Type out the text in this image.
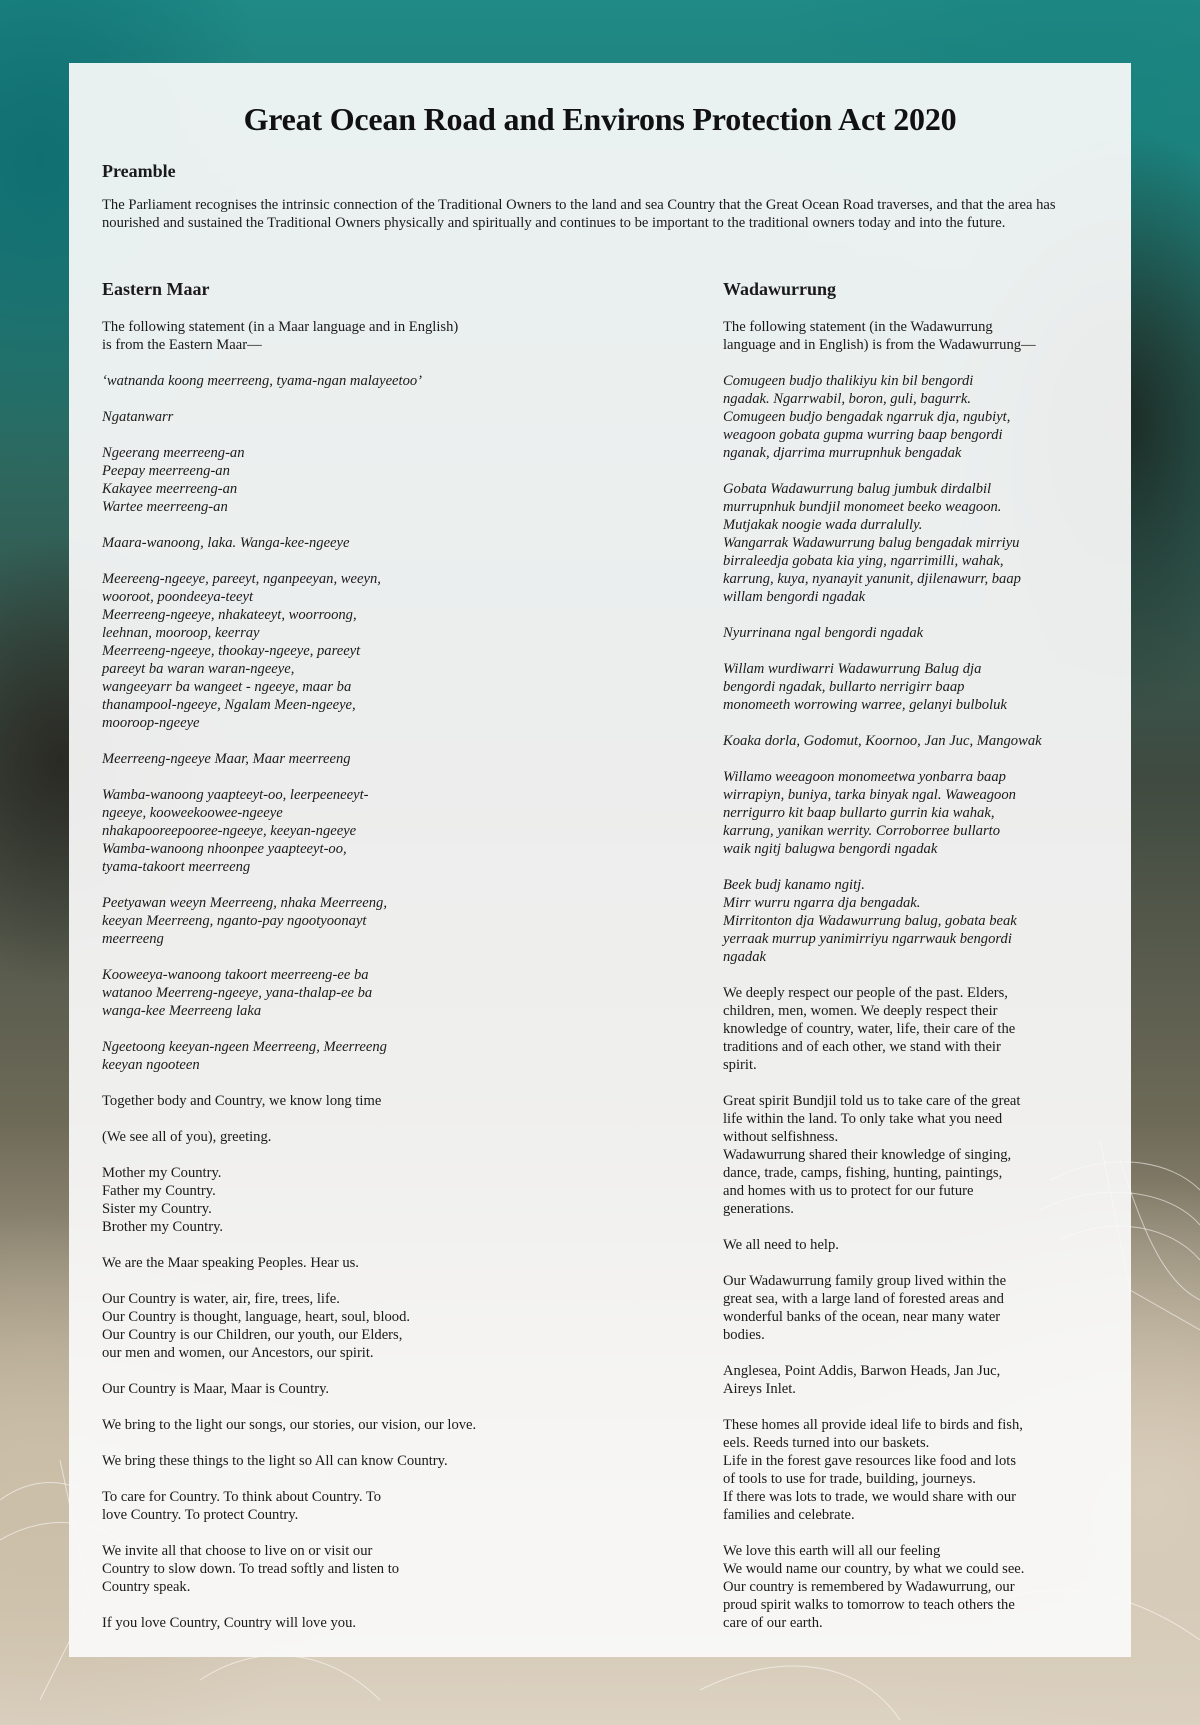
Great Ocean Road and Environs Protection Act 2020
Preamble
The Parliament recognises the intrinsic connection of the Traditional Owners to the land and sea Country that the Great Ocean Road traverses, and that the area has nourished and sustained the Traditional Owners physically and spiritually and continues to be important to the traditional owners today and into the future.
Eastern Maar

The following statement (in a Maar language and in English)
is from the Eastern Maar—

‘watnanda koong meerreeng, tyama-ngan malayeetoo’

Ngatanwarr

Ngeerang meerreeng-an
Peepay meerreeng-an
Kakayee meerreeng-an
Wartee meerreeng-an

Maara-wanoong, laka. Wanga-kee-ngeeye

Meereeng-ngeeye, pareeyt, nganpeeyan, weeyn,
wooroot, poondeeya-teeyt
Meerreeng-ngeeye, nhakateeyt, woorroong,
leehnan, mooroop, keerray
Meerreeng-ngeeye, thookay-ngeeye, pareeyt
pareeyt ba waran waran-ngeeye,
wangeeyarr ba wangeet - ngeeye, maar ba
thanampool-ngeeye, Ngalam Meen-ngeeye,
mooroop-ngeeye

Meerreeng-ngeeye Maar, Maar meerreeng

Wamba-wanoong yaapteeyt-oo, leerpeeneeyt-
ngeeye, kooweekoowee-ngeeye
nhakapooreepooree-ngeeye, keeyan-ngeeye
Wamba-wanoong nhoonpee yaapteeyt-oo,
tyama-takoort meerreeng

Peetyawan weeyn Meerreeng, nhaka Meerreeng,
keeyan Meerreeng, nganto-pay ngootyoonayt
meerreeng

Kooweeya-wanoong takoort meerreeng-ee ba
watanoo Meerreng-ngeeye, yana-thalap-ee ba
wanga-kee Meerreeng laka

Ngeetoong keeyan-ngeen Meerreeng, Meerreeng
keeyan ngooteen

Together body and Country, we know long time

(We see all of you), greeting.

Mother my Country.
Father my Country.
Sister my Country.
Brother my Country.

We are the Maar speaking Peoples. Hear us.

Our Country is water, air, fire, trees, life.
Our Country is thought, language, heart, soul, blood.
Our Country is our Children, our youth, our Elders,
our men and women, our Ancestors, our spirit.

Our Country is Maar, Maar is Country.

We bring to the light our songs, our stories, our vision, our love.

We bring these things to the light so All can know Country.

To care for Country. To think about Country. To
love Country. To protect Country.

We invite all that choose to live on or visit our
Country to slow down. To tread softly and listen to
Country speak.

If you love Country, Country will love you.

Wadawurrung

The following statement (in the Wadawurrung
language and in English) is from the Wadawurrung—

Comugeen budjo thalikiyu kin bil bengordi
ngadak. Ngarrwabil, boron, guli, bagurrk.
Comugeen budjo bengadak ngarruk dja, ngubiyt,
weagoon gobata gupma wurring baap bengordi
nganak, djarrima murrupnhuk bengadak

Gobata Wadawurrung balug jumbuk dirdalbil
murrupnhuk bundjil monomeet beeko weagoon.
Mutjakak noogie wada durralully.
Wangarrak Wadawurrung balug bengadak mirriyu
birraleedja gobata kia ying, ngarrimilli, wahak,
karrung, kuya, nyanayit yanunit, djilenawurr, baap
willam bengordi ngadak

Nyurrinana ngal bengordi ngadak

Willam wurdiwarri Wadawurrung Balug dja
bengordi ngadak, bullarto nerrigirr baap
monomeeth worrowing warree, gelanyi bulboluk

Koaka dorla, Godomut, Koornoo, Jan Juc, Mangowak

Willamo weeagoon monomeetwa yonbarra baap
wirrapiyn, buniya, tarka binyak ngal. Waweagoon
nerrigurro kit baap bullarto gurrin kia wahak,
karrung, yanikan werrity. Corroborree bullarto
waik ngitj balugwa bengordi ngadak

Beek budj kanamo ngitj.
Mirr wurru ngarra dja bengadak.
Mirritonton dja Wadawurrung balug, gobata beak
yerraak murrup yanimirriyu ngarrwauk bengordi
ngadak

We deeply respect our people of the past. Elders,
children, men, women. We deeply respect their
knowledge of country, water, life, their care of the
traditions and of each other, we stand with their
spirit.

Great spirit Bundjil told us to take care of the great
life within the land. To only take what you need
without selfishness.
Wadawurrung shared their knowledge of singing,
dance, trade, camps, fishing, hunting, paintings,
and homes with us to protect for our future
generations.

We all need to help.

Our Wadawurrung family group lived within the
great sea, with a large land of forested areas and
wonderful banks of the ocean, near many water
bodies.

Anglesea, Point Addis, Barwon Heads, Jan Juc,
Aireys Inlet.

These homes all provide ideal life to birds and fish,
eels. Reeds turned into our baskets.
Life in the forest gave resources like food and lots
of tools to use for trade, building, journeys.
If there was lots to trade, we would share with our
families and celebrate.

We love this earth will all our feeling
We would name our country, by what we could see.
Our country is remembered by Wadawurrung, our
proud spirit walks to tomorrow to teach others the
care of our earth.
